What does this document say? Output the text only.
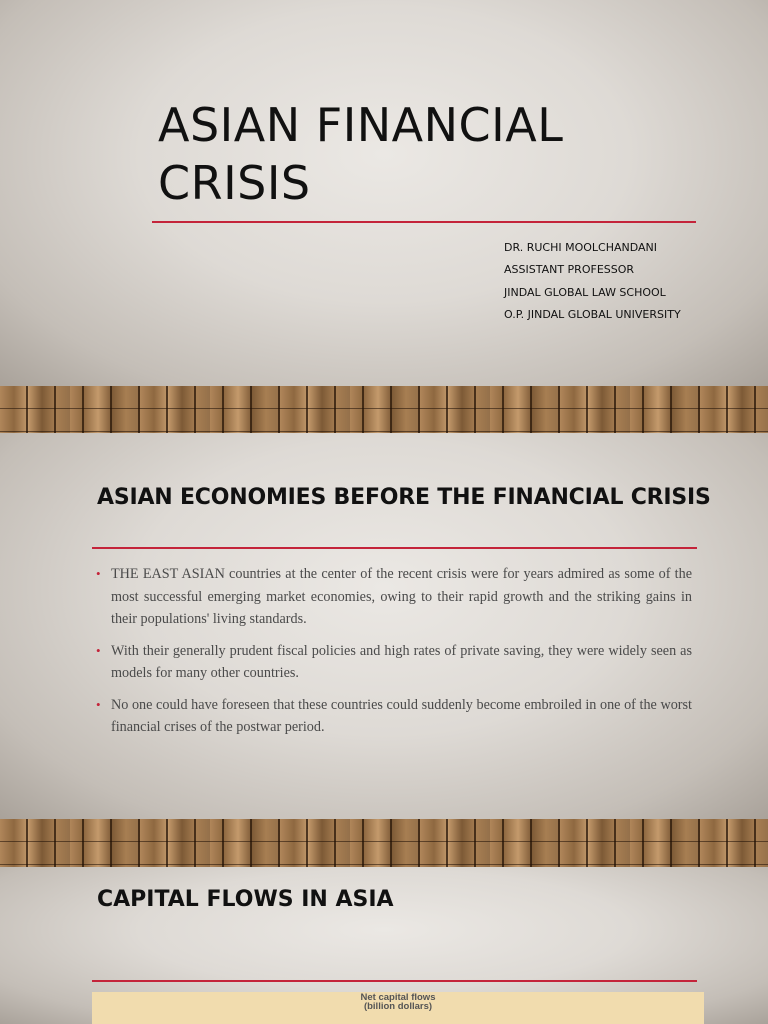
ASIAN FINANCIAL
CRISIS
DR. RUCHI MOOLCHANDANI
ASSISTANT PROFESSOR
JINDAL GLOBAL LAW SCHOOL
O.P. JINDAL GLOBAL UNIVERSITY
ASIAN ECONOMIES BEFORE THE FINANCIAL CRISIS
• THE EAST ASIAN countries at the center of the recent crisis were for years admired as some of the most successful emerging market economies, owing to their rapid growth and the striking gains in their populations' living standards.
• With their generally prudent fiscal policies and high rates of private saving, they were widely seen as models for many other countries.
• No one could have foreseen that these countries could suddenly become embroiled in one of the worst financial crises of the postwar period.
CAPITAL FLOWS IN ASIA
Net capital flows
(billion dollars)
